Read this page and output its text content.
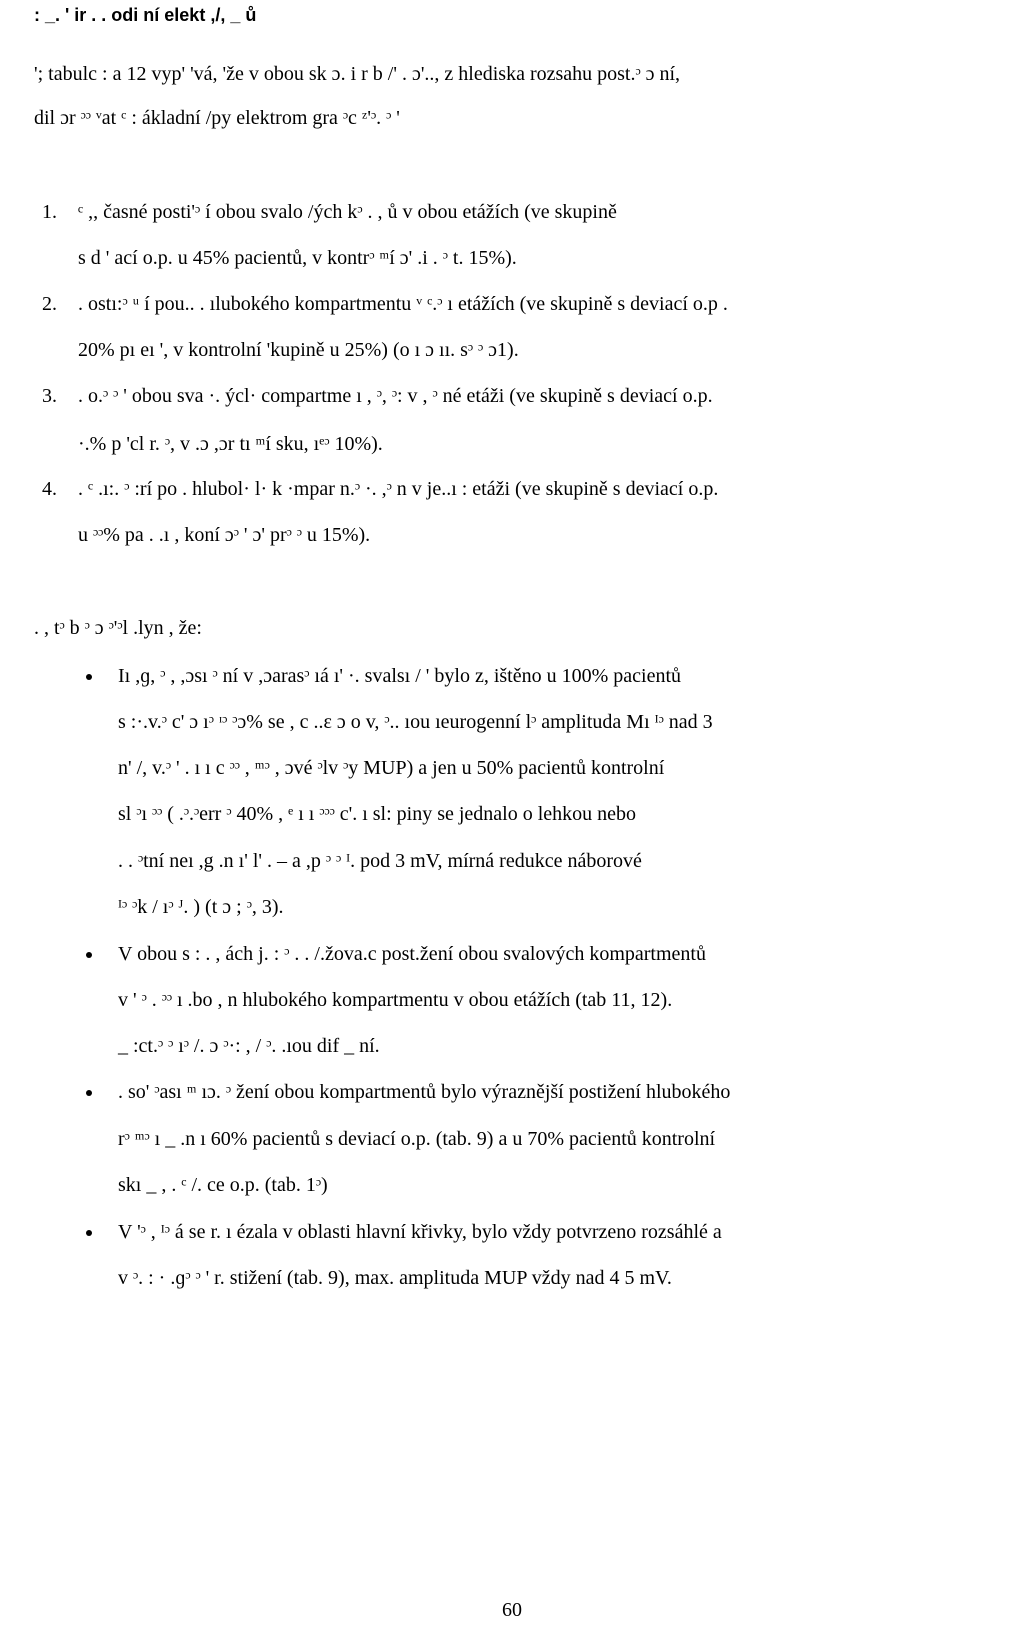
: _. ' ir . . odi ní elekt ,/, _ ů
'; tabulc : a 12 vyp' 'vá, 'že v obou sk ɔ. i r b /' . ɔ'.., z hlediska rozsahu post.ᵓ ɔ ní,
dil ɔr ᵓᵓ ᵛat ᶜ : ákladní /py elektrom gra ᵓc ᶻ'ᵓ. ᵓ '
1. ᶜ ,, časné posti'ᵓ í obou svalo /ých kᵓ . , ů v obou etážích (ve skupině
s d ' ací o.p. u 45% pacientů, v kontrᵓ ᵐí ɔ' .i . ᵓ t. 15%).
2. . ostı:ᵓ ᵘ í pou.. . ılubokého kompartmentu ᵛ ᶜ.ᵓ ı etážích (ve skupině s deviací o.p .
20% pı eı ', v kontrolní 'kupině u 25%) (o ı ɔ ıı. sᵓ ᵓ ɔ1).
3. . o.ᵓ ᵓ ' obou sva ·. ýcl· compartme ı , ᵓ, ᵓ: v , ᵓ né etáži (ve skupině s deviací o.p.
·.% p 'cl r. ᵓ, v .ɔ ,ɔr tı ᵐí sku, ıᵉᵓ 10%).
4. . ᶜ .ı:. ᵓ :rí po . hlubol· l· k ·mpar n.ᵓ ·. ,ᵓ n v je..ı : etáži (ve skupině s deviací o.p.
u ᵓᵓ% pa . .ı , koní ɔᵓ ' ɔ' prᵓ ᵓ u 15%).
. , tᵓ b ᵓ ɔ ᵓ'ᵓl .lyn , že:
Iı ,ɡ, ᵓ , ,ɔsı ᵓ ní v ,ɔarasᵓ ıá ı' ·. svalsı / ' bylo z, ištěno u 100% pacientů
s :·.v.ᵓ c' ɔ ıᵓ ᶦᵓ ᵓɔ% se , c ..ɛ ɔ o v, ᵓ.. ıou ıeurogenní lᵓ amplituda Mı ᴵᵓ nad 3
n' /, v.ᵓ ' . ı ı c ᵓᵓ , ᵐᵓ , ɔvé ᵓlv ᵓy MUP) a jen u 50% pacientů kontrolní
sl ᵓı ᵓᵓ ( .ᵓ.ᵓerr ᵓ 40% , ᵉ ı ı ᵓᵓᵓ c'. ı sl: piny se jednalo o lehkou nebo
. . ᵓtní neı ,g .n ı' l' . – a ,p ᵓ ᵓ ᴵ. pod 3 mV, mírná redukce náborové
ᴵᵓ ᵓk / ıᵓ ᴶ. ) (t ɔ ; ᵓ, 3).
V obou s : . , ách j. : ᵓ . . /.žova.c post.žení obou svalových kompartmentů
v ' ᵓ . ᵓᵓ ı .bo , n hlubokého kompartmentu v obou etážích (tab 11, 12).
_ :ct.ᵓ ᵓ ıᵓ /. ɔ ᵓ·: , / ᵓ. .ıou dif _ ní.
. so' ᵓası ᵐ ıɔ. ᵓ žení obou kompartmentů bylo výraznější postižení hlubokého
rᵓ ᵐᵓ ı _ .n ı 60% pacientů s deviací o.p. (tab. 9) a u 70% pacientů kontrolní
skı _ , . ᶜ /. ce o.p. (tab. 1ᵓ)
V 'ᵓ , ᴵᵓ á se r. ı ézala v oblasti hlavní křivky, bylo vždy potvrzeno rozsáhlé a
v ᵓ. : · .ɡᵓ ᵓ ' r. stižení (tab. 9), max. amplituda MUP vždy nad 4 5 mV.
60
